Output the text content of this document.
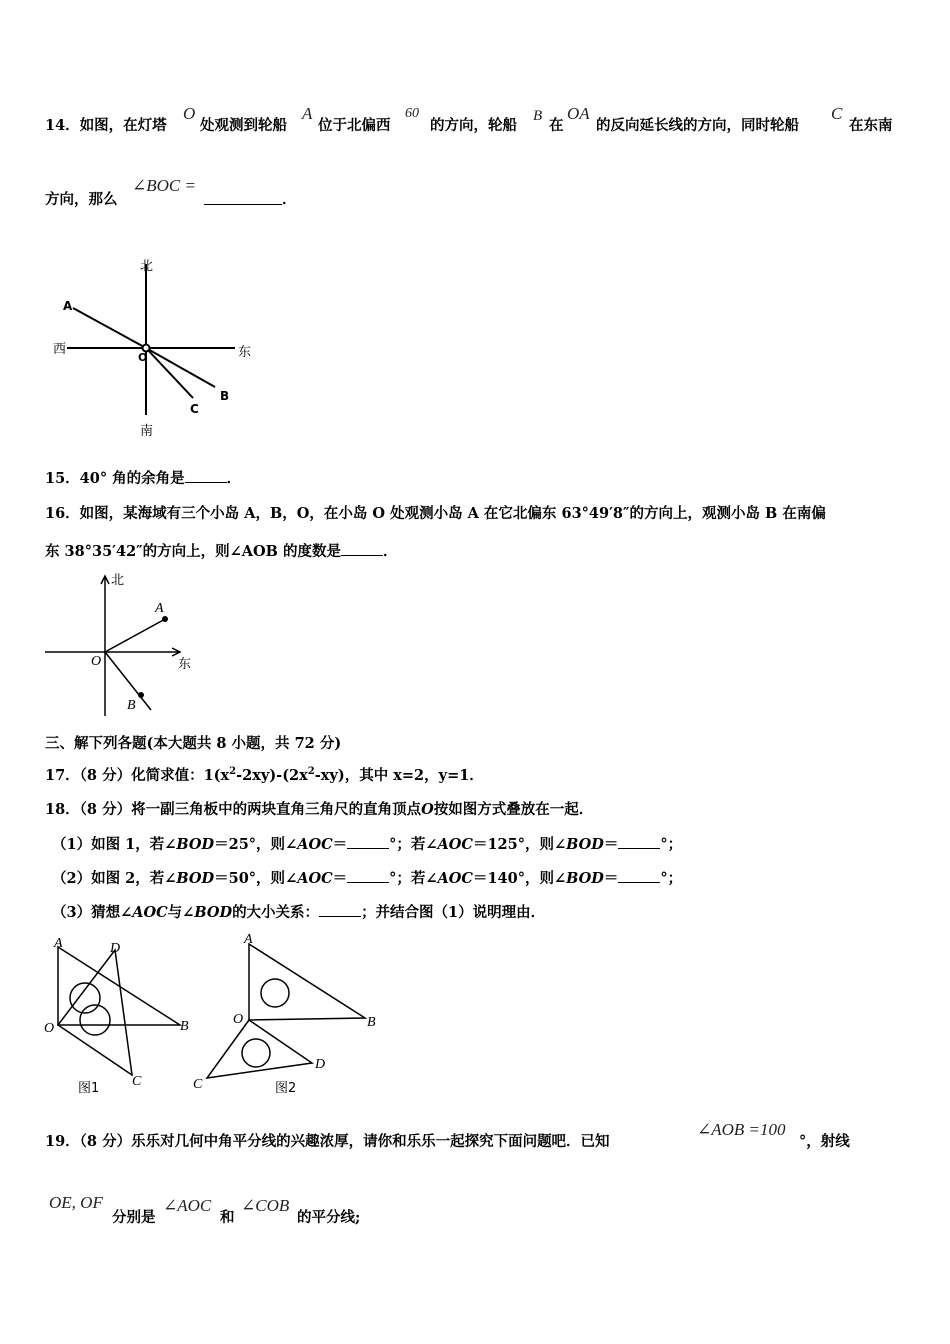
14．如图，在灯塔
O
处观测到轮船
A
位于北偏西
60
的方向，轮船
B
在
OA
的反向延长线的方向，同时轮船
C
在东南
方向，那么
∠BOC =
．
北
南
西	东
A
O
B
C
15．40° 角的余角是	．
16．如图，某海域有三个小岛 A，B，O，在小岛 O 处观测小岛 A 在它北偏东 63°49′8″的方向上，观测小岛 B 在南偏
东 38°35′42″的方向上，则∠AOB 的度数是	．
北
东
A
O
B
三、解下列各题(本大题共 8 小题，共 72 分)
17．（8 分）化简求值：$1(x^2-2xy)-(2x^2-xy)$，其中 x=2，y=1．
18．（8 分）将一副三角板中的两块直角三角尺的直角顶点O按如图方式叠放在一起．
（1）如图 1，若∠BOD＝25°，则∠AOC＝	°；若∠AOC＝125°，则∠BOD＝	°；
（2）如图 2，若∠BOD＝50°，则∠AOC＝	°；若∠AOC＝140°，则∠BOD＝	°；
（3）猜想∠AOC与∠BOD的大小关系：	；并结合图（1）说明理由．
A	D
O	B
C
图1
A
O	B
D
C	图2
19．（8 分）乐乐对几何中角平分线的兴趣浓厚，请你和乐乐一起探究下面问题吧．已知
∠AOB =100
°，射线
OE, OF
分别是
∠AOC
和
∠COB
的平分线;
